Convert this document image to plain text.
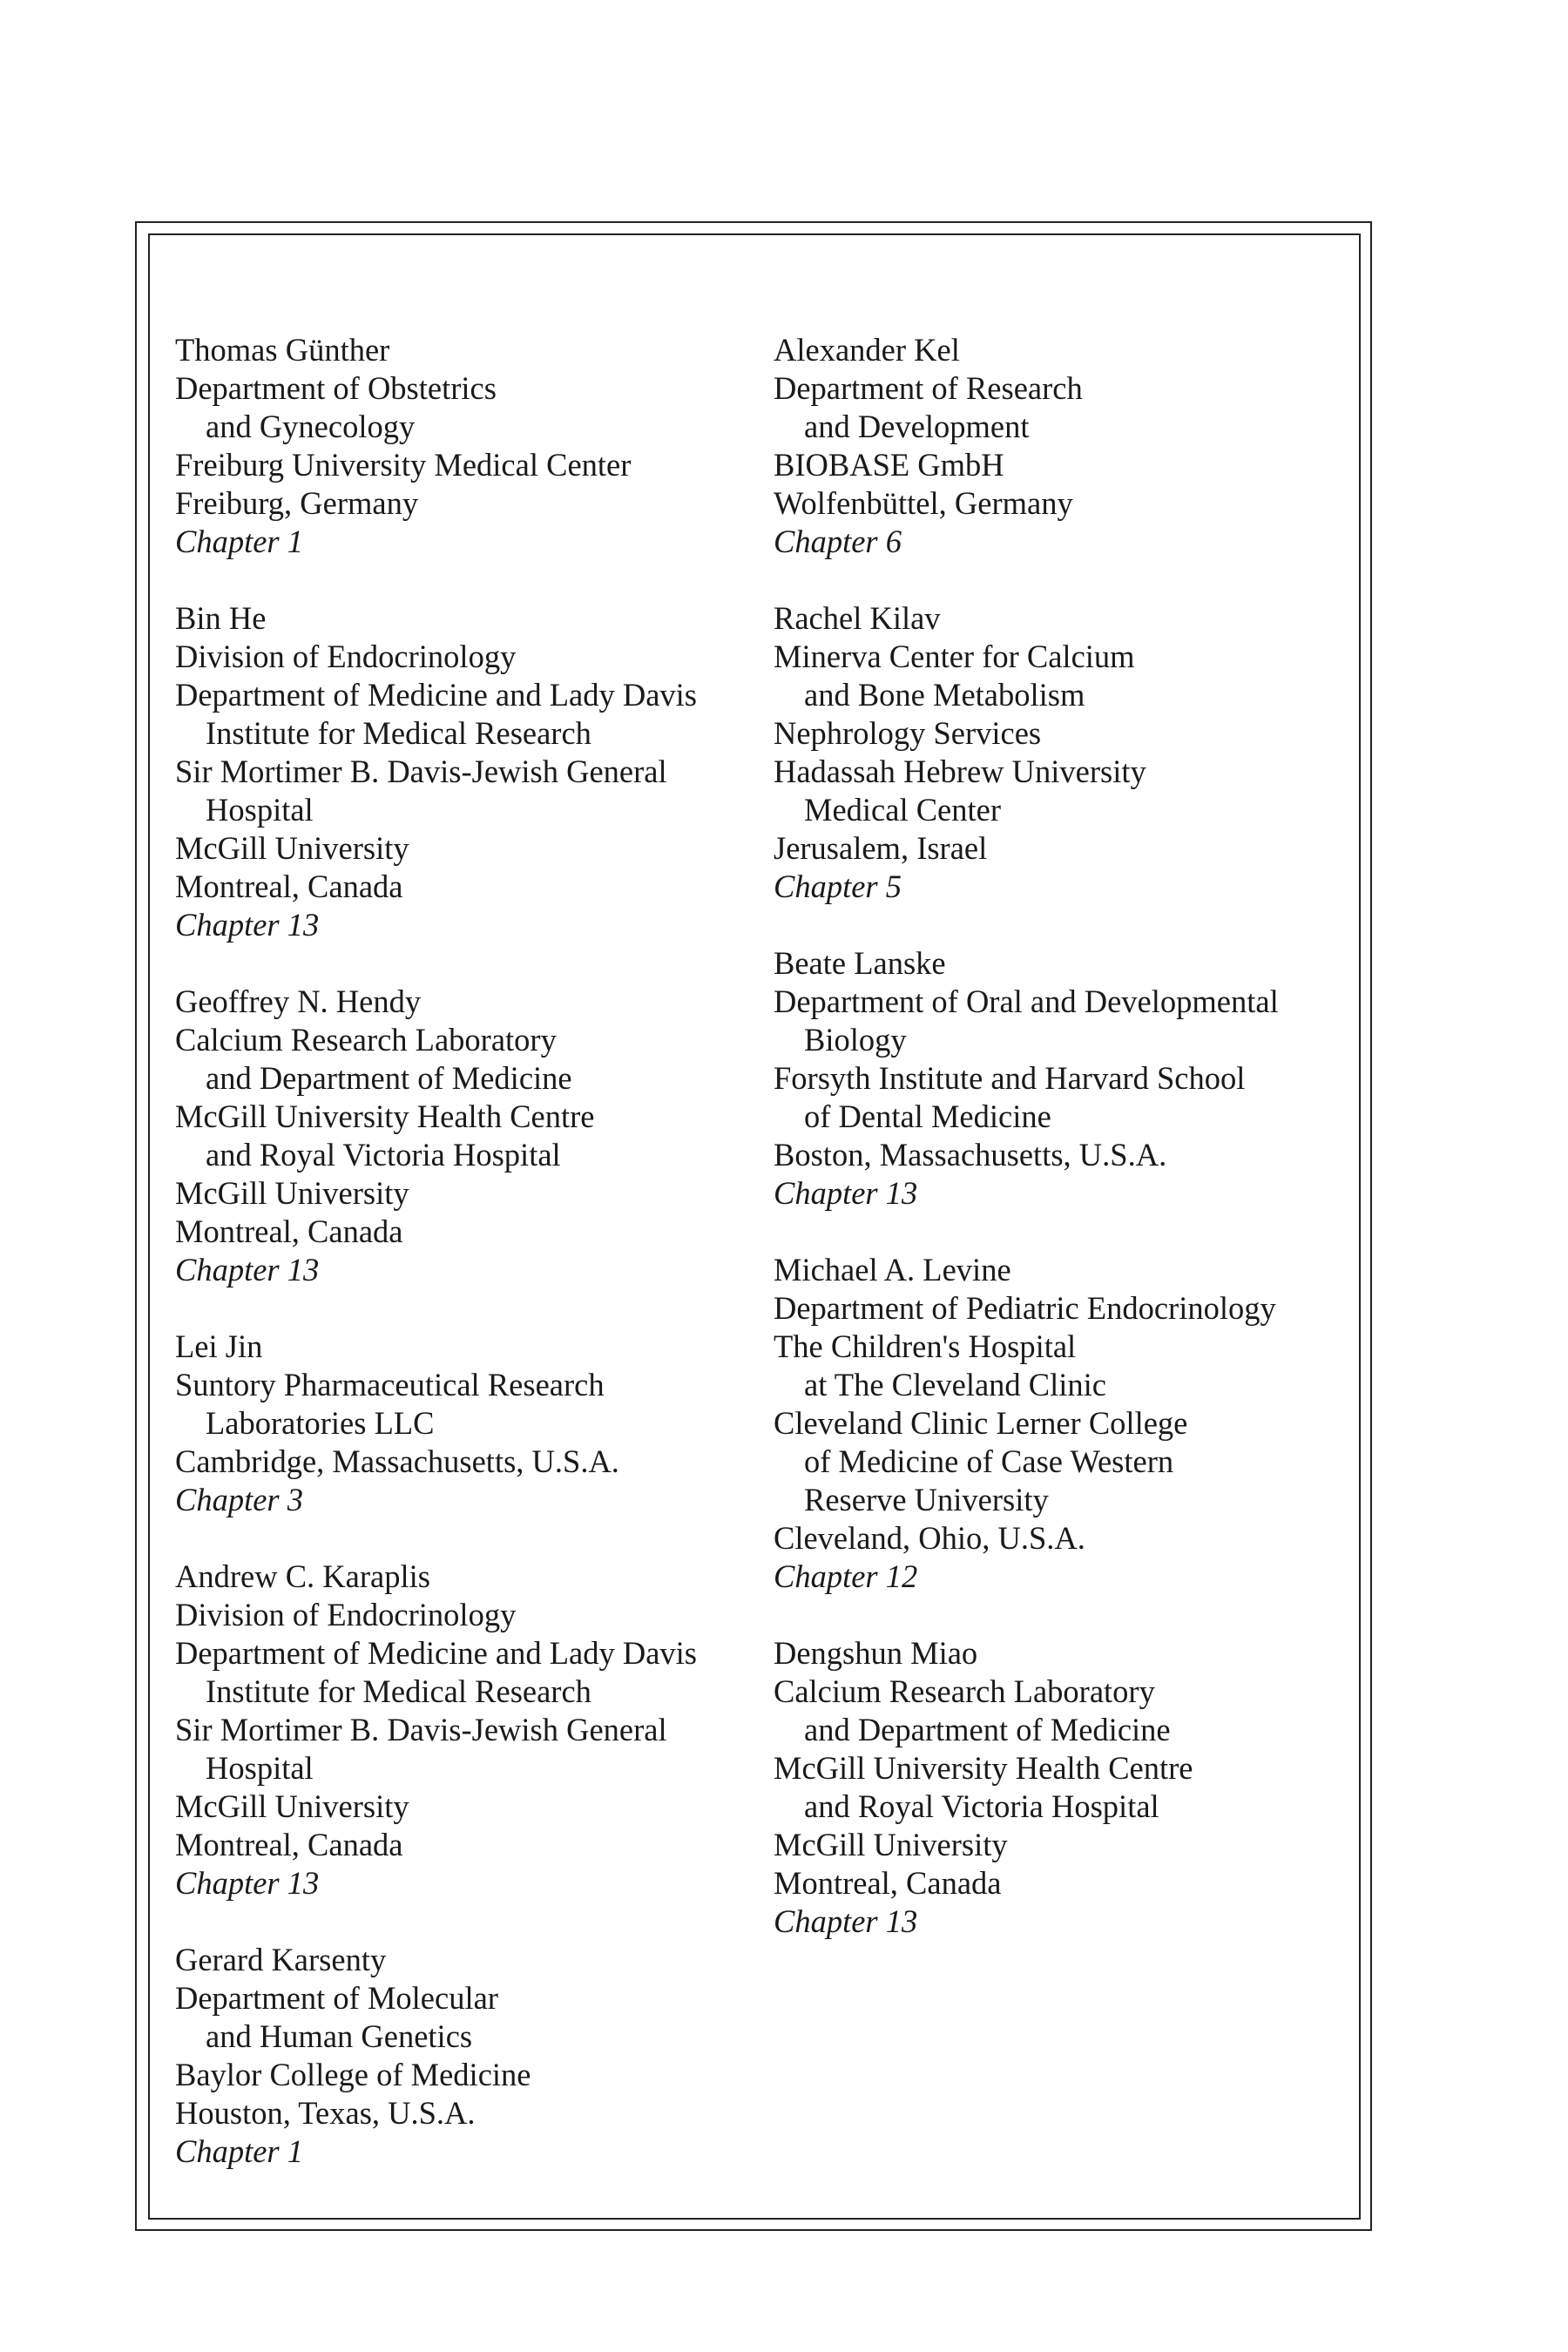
Thomas Günther
Department of Obstetrics
and Gynecology
Freiburg University Medical Center
Freiburg, Germany
Chapter 1
Bin He
Division of Endocrinology
Department of Medicine and Lady Davis
Institute for Medical Research
Sir Mortimer B. Davis-Jewish General
Hospital
McGill University
Montreal, Canada
Chapter 13
Geoffrey N. Hendy
Calcium Research Laboratory
and Department of Medicine
McGill University Health Centre
and Royal Victoria Hospital
McGill University
Montreal, Canada
Chapter 13
Lei Jin
Suntory Pharmaceutical Research
Laboratories LLC
Cambridge, Massachusetts, U.S.A.
Chapter 3
Andrew C. Karaplis
Division of Endocrinology
Department of Medicine and Lady Davis
Institute for Medical Research
Sir Mortimer B. Davis-Jewish General
Hospital
McGill University
Montreal, Canada
Chapter 13
Gerard Karsenty
Department of Molecular
and Human Genetics
Baylor College of Medicine
Houston, Texas, U.S.A.
Chapter 1
Alexander Kel
Department of Research
and Development
BIOBASE GmbH
Wolfenbüttel, Germany
Chapter 6
Rachel Kilav
Minerva Center for Calcium
and Bone Metabolism
Nephrology Services
Hadassah Hebrew University
Medical Center
Jerusalem, Israel
Chapter 5
Beate Lanske
Department of Oral and Developmental
Biology
Forsyth Institute and Harvard School
of Dental Medicine
Boston, Massachusetts, U.S.A.
Chapter 13
Michael A. Levine
Department of Pediatric Endocrinology
The Children's Hospital
at The Cleveland Clinic
Cleveland Clinic Lerner College
of Medicine of Case Western
Reserve University
Cleveland, Ohio, U.S.A.
Chapter 12
Dengshun Miao
Calcium Research Laboratory
and Department of Medicine
McGill University Health Centre
and Royal Victoria Hospital
McGill University
Montreal, Canada
Chapter 13
